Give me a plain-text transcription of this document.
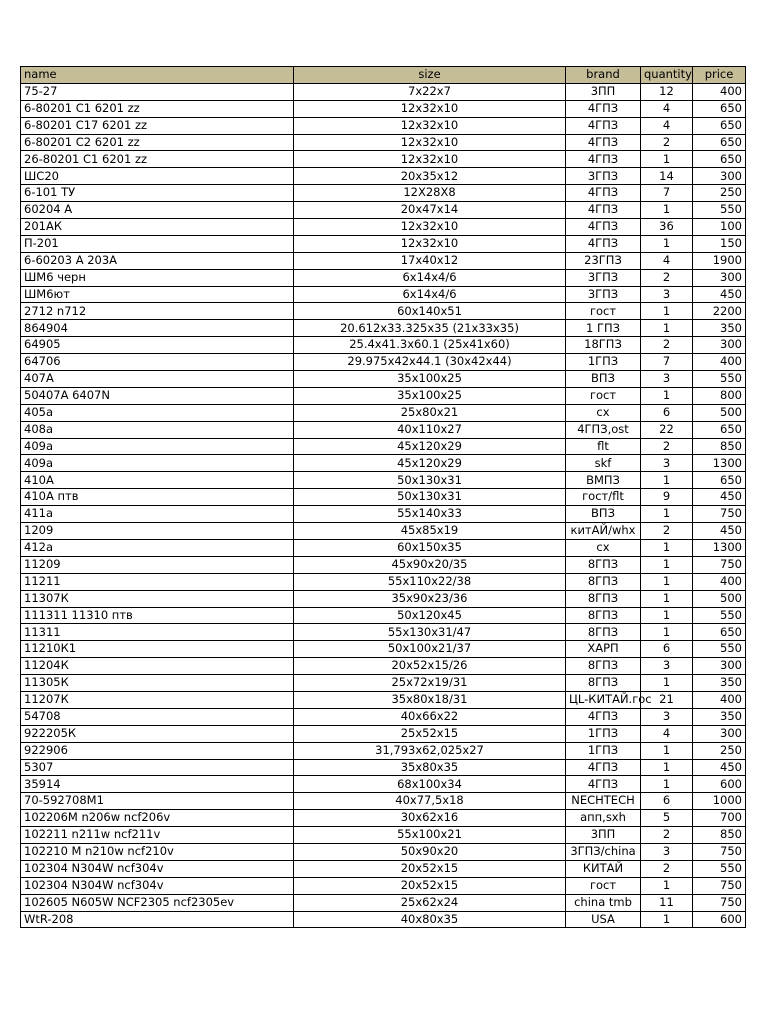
name	size	brand	quantity	price
75-27	7x22x7	3ПП	12	400
6-80201 С1 6201 zz	12x32x10	4ГПЗ	4	650
6-80201 С17 6201 zz	12x32x10	4ГПЗ	4	650
6-80201 С2 6201 zz	12x32x10	4ГПЗ	2	650
26-80201 С1 6201 zz	12x32x10	4ГПЗ	1	650
ШС20	20x35x12	3ГПЗ	14	300
6-101 ТУ	12X28X8	4ГПЗ	7	250
60204 А	20x47x14	4ГПЗ	1	550
201АК	12x32x10	4ГПЗ	36	100
П-201	12x32x10	4ГПЗ	1	150
6-60203 А 203А	17x40x12	23ГПЗ	4	1900
ШМ6 черн	6x14x4/6	3ГПЗ	2	300
ШМ6ют	6x14x4/6	3ГПЗ	3	450
2712 n712	60x140x51	гост	1	2200
864904	20.612x33.325x35 (21x33x35)	1 ГПЗ	1	350
64905	25.4x41.3x60.1 (25x41x60)	18ГПЗ	2	300
64706	29.975x42x44.1 (30x42x44)	1ГПЗ	7	400
407А	35x100x25	ВПЗ	3	550
50407А 6407N	35x100x25	гост	1	800
405а	25x80x21	сх	6	500
408а	40x110x27	4ГПЗ,ost	22	650
409а	45x120x29	flt	2	850
409а	45x120x29	skf	3	1300
410А	50x130x31	ВМПЗ	1	650
410А птв	50x130x31	гост/flt	9	450
411а	55x140x33	ВПЗ	1	750
1209	45x85x19	китАЙ/whx	2	450
412а	60x150x35	сх	1	1300
11209	45x90x20/35	8ГПЗ	1	750
11211	55x110x22/38	8ГПЗ	1	400
11307К	35x90x23/36	8ГПЗ	1	500
111311 11310 птв	50x120x45	8ГПЗ	1	550
11311	55x130x31/47	8ГПЗ	1	650
11210К1	50x100x21/37	ХАРП	6	550
11204К	20x52x15/26	8ГПЗ	3	300
11305К	25x72x19/31	8ГПЗ	1	350
11207К	35x80x18/31	ЦL-КИТАЙ.гос	21	400
54708	40x66x22	4ГПЗ	3	350
922205К	25x52x15	1ГПЗ	4	300
922906	31,793x62,025x27	1ГПЗ	1	250
5307	35x80x35	4ГПЗ	1	450
35914	68x100x34	4ГПЗ	1	600
70-592708М1	40x77,5x18	NECHTECH	6	1000
102206М n206w ncf206v	30x62x16	апп,sxh	5	700
102211 n211w ncf211v	55x100x21	3ПП	2	850
102210 М n210w ncf210v	50x90x20	3ГПЗ/china	3	750
102304 N304W ncf304v	20x52x15	КИТАЙ	2	550
102304 N304W ncf304v	20x52x15	гост	1	750
102605 N605W NCF2305 ncf2305ev	25x62x24	china tmb	11	750
WtR-208	40x80x35	USA	1	600
